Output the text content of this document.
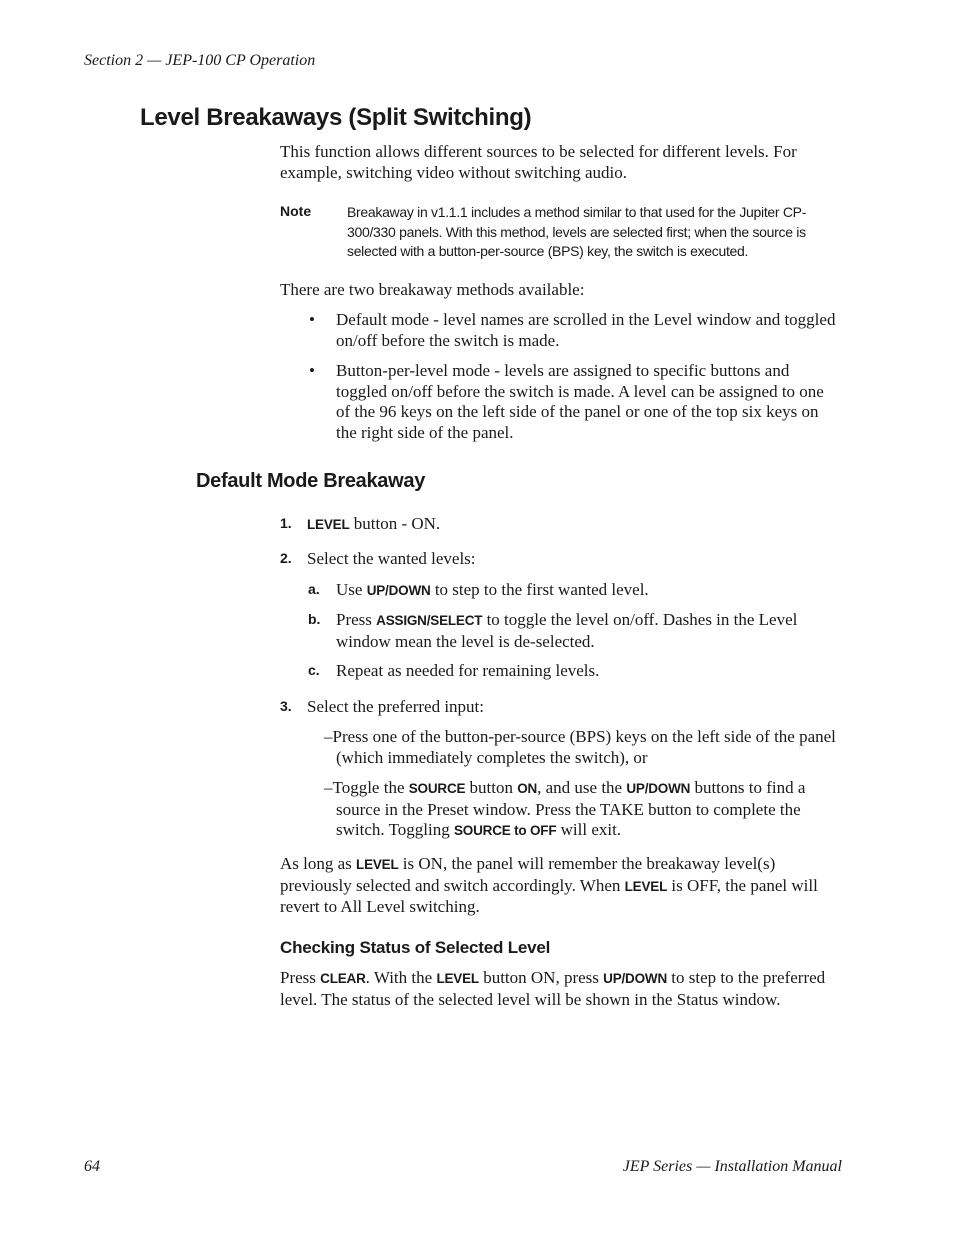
Section 2 — JEP-100 CP Operation
Level Breakaways (Split Switching)
This function allows different sources to be selected for different levels. For example, switching video without switching audio.
Note	Breakaway in v1.1.1 includes a method similar to that used for the Jupiter CP-300/330 panels. With this method, levels are selected first; when the source is selected with a button-per-source (BPS) key, the switch is executed.
There are two breakaway methods available:
• Default mode - level names are scrolled in the Level window and toggled on/off before the switch is made.
• Button-per-level mode - levels are assigned to specific buttons and toggled on/off before the switch is made. A level can be assigned to one of the 96 keys on the left side of the panel or one of the top six keys on the right side of the panel.
Default Mode Breakaway
1. LEVEL button - ON.
2. Select the wanted levels:
a. Use UP/DOWN to step to the first wanted level.
b. Press ASSIGN/SELECT to toggle the level on/off. Dashes in the Level window mean the level is de-selected.
c. Repeat as needed for remaining levels.
3. Select the preferred input:
–Press one of the button-per-source (BPS) keys on the left side of the panel (which immediately completes the switch), or
–Toggle the SOURCE button ON, and use the UP/DOWN buttons to find a source in the Preset window. Press the TAKE button to complete the switch. Toggling SOURCE to OFF will exit.
As long as LEVEL is ON, the panel will remember the breakaway level(s) previously selected and switch accordingly. When LEVEL is OFF, the panel will revert to All Level switching.
Checking Status of Selected Level
Press CLEAR. With the LEVEL button ON, press UP/DOWN to step to the preferred level. The status of the selected level will be shown in the Status window.
64	JEP Series — Installation Manual
